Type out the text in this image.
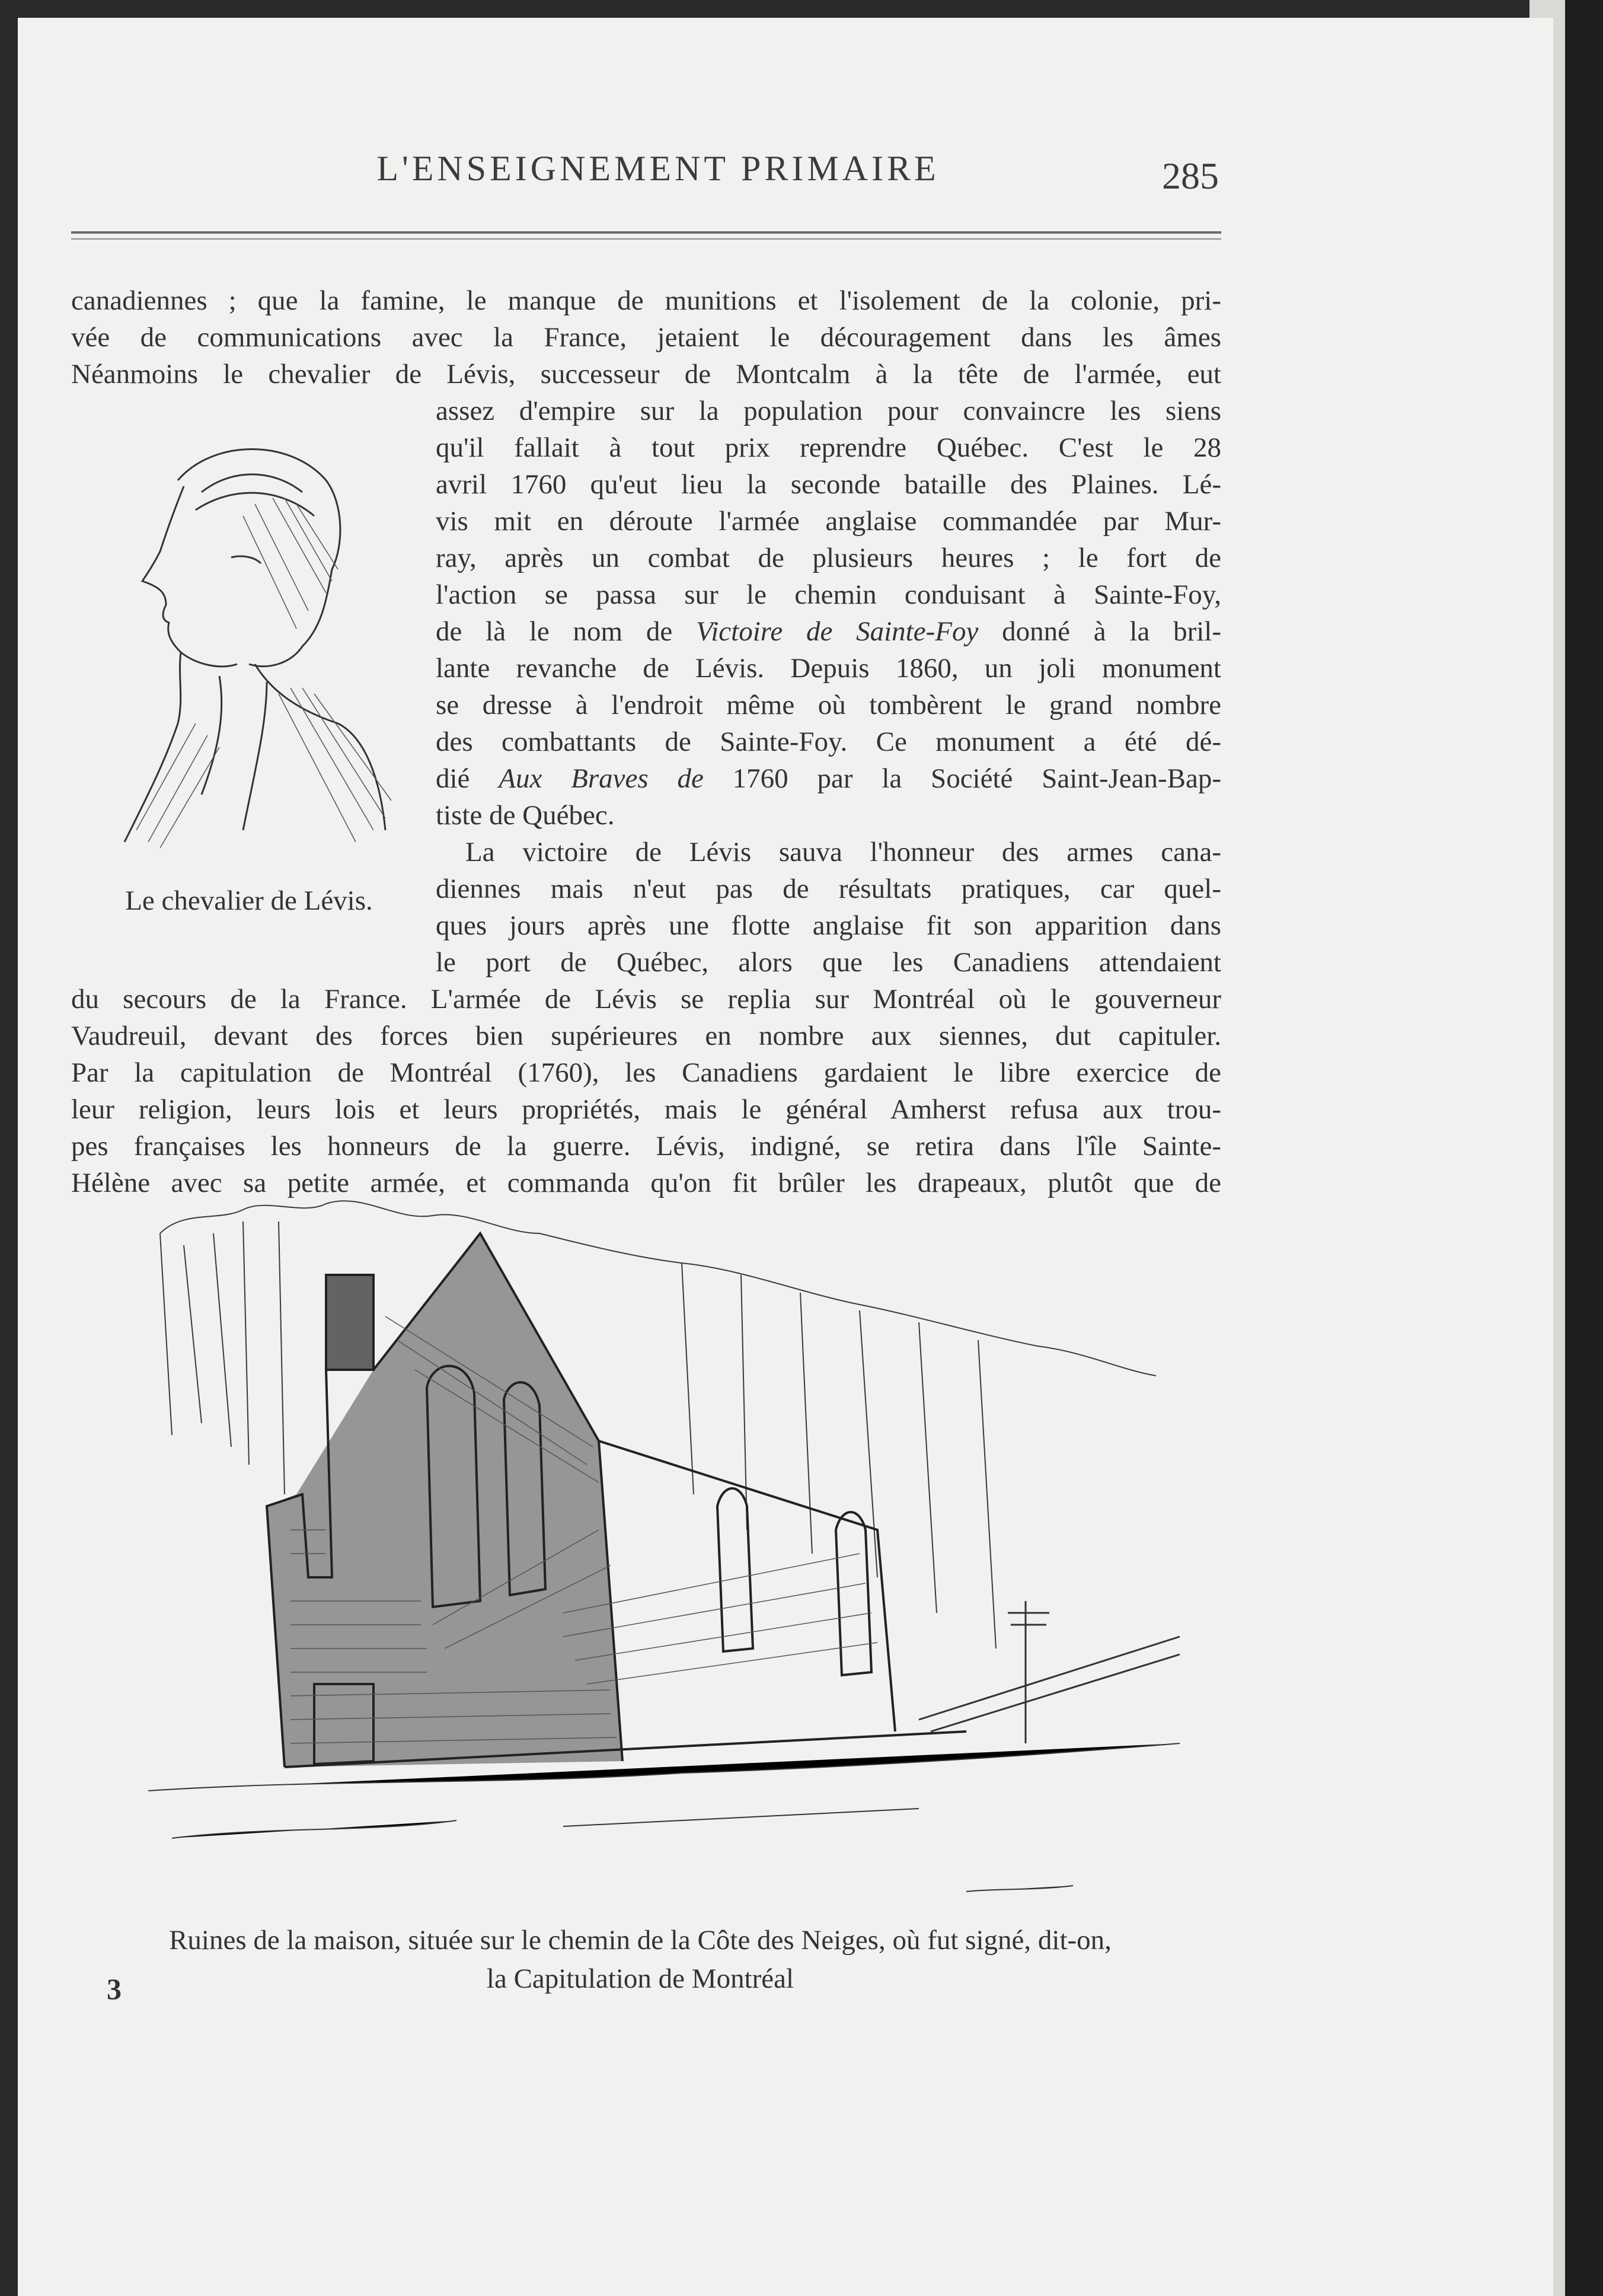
L'ENSEIGNEMENT PRIMAIRE	285
canadiennes ; que la famine, le manque de munitions et l'isolement de la colonie, pri-
vée de communications avec la France, jetaient le découragement dans les âmes
Néanmoins le chevalier de Lévis, successeur de Montcalm à la tête de l'armée, eut
Le chevalier de Lévis.
assez d'empire sur la population pour convaincre les siens
qu'il fallait à tout prix reprendre Québec. C'est le 28
avril 1760 qu'eut lieu la seconde bataille des Plaines. Lé-
vis mit en déroute l'armée anglaise commandée par Mur-
ray, après un combat de plusieurs heures ; le fort de
l'action se passa sur le chemin conduisant à Sainte-Foy,
de là le nom de Victoire de Sainte-Foy donné à la bril-
lante revanche de Lévis. Depuis 1860, un joli monument
se dresse à l'endroit même où tombèrent le grand nombre
des combattants de Sainte-Foy. Ce monument a été dé-
dié Aux Braves de 1760 par la Société Saint-Jean-Bap-
tiste de Québec.
La victoire de Lévis sauva l'honneur des armes cana-
diennes mais n'eut pas de résultats pratiques, car quel-
ques jours après une flotte anglaise fit son apparition dans
le port de Québec, alors que les Canadiens attendaient
du secours de la France. L'armée de Lévis se replia sur Montréal où le gouverneur
Vaudreuil, devant des forces bien supérieures en nombre aux siennes, dut capituler.
Par la capitulation de Montréal (1760), les Canadiens gardaient le libre exercice de
leur religion, leurs lois et leurs propriétés, mais le général Amherst refusa aux trou-
pes françaises les honneurs de la guerre. Lévis, indigné, se retira dans l'île Sainte-
Hélène avec sa petite armée, et commanda qu'on fit brûler les drapeaux, plutôt que de
Ruines de la maison, située sur le chemin de la Côte des Neiges, où fut signé, dit-on,
la Capitulation de Montréal
3
